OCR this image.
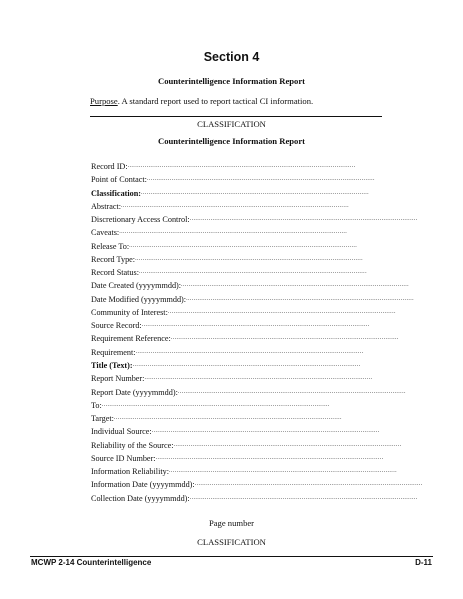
Section 4
Counterintelligence Information Report
Purpose. A standard report used to report tactical CI information.
CLASSIFICATION
Counterintelligence Information Report
Record ID: ........................................................................................................................
Point of Contact: ........................................................................................................................
Classification: ........................................................................................................................
Abstract: ........................................................................................................................
Discretionary Access Control: ........................................................................................................................
Caveats: ........................................................................................................................
Release To: ........................................................................................................................
Record Type: ........................................................................................................................
Record Status: ........................................................................................................................
Date Created (yyyymmdd): ........................................................................................................................
Date Modified (yyyymmdd): ........................................................................................................................
Community of Interest: ........................................................................................................................
Source Record: ........................................................................................................................
Requirement Reference: ........................................................................................................................
Requirement: ........................................................................................................................
Title (Text): ........................................................................................................................
Report Number: ........................................................................................................................
Report Date (yyyymmdd): ........................................................................................................................
To: ........................................................................................................................
Target: ........................................................................................................................
Individual Source: ........................................................................................................................
Reliability of the Source: ........................................................................................................................
Source ID Number: ........................................................................................................................
Information Reliability: ........................................................................................................................
Information Date (yyyymmdd): ........................................................................................................................
Collection Date (yyyymmdd): ........................................................................................................................
Page number
CLASSIFICATION
MCWP 2-14 Counterintelligence	D-11
